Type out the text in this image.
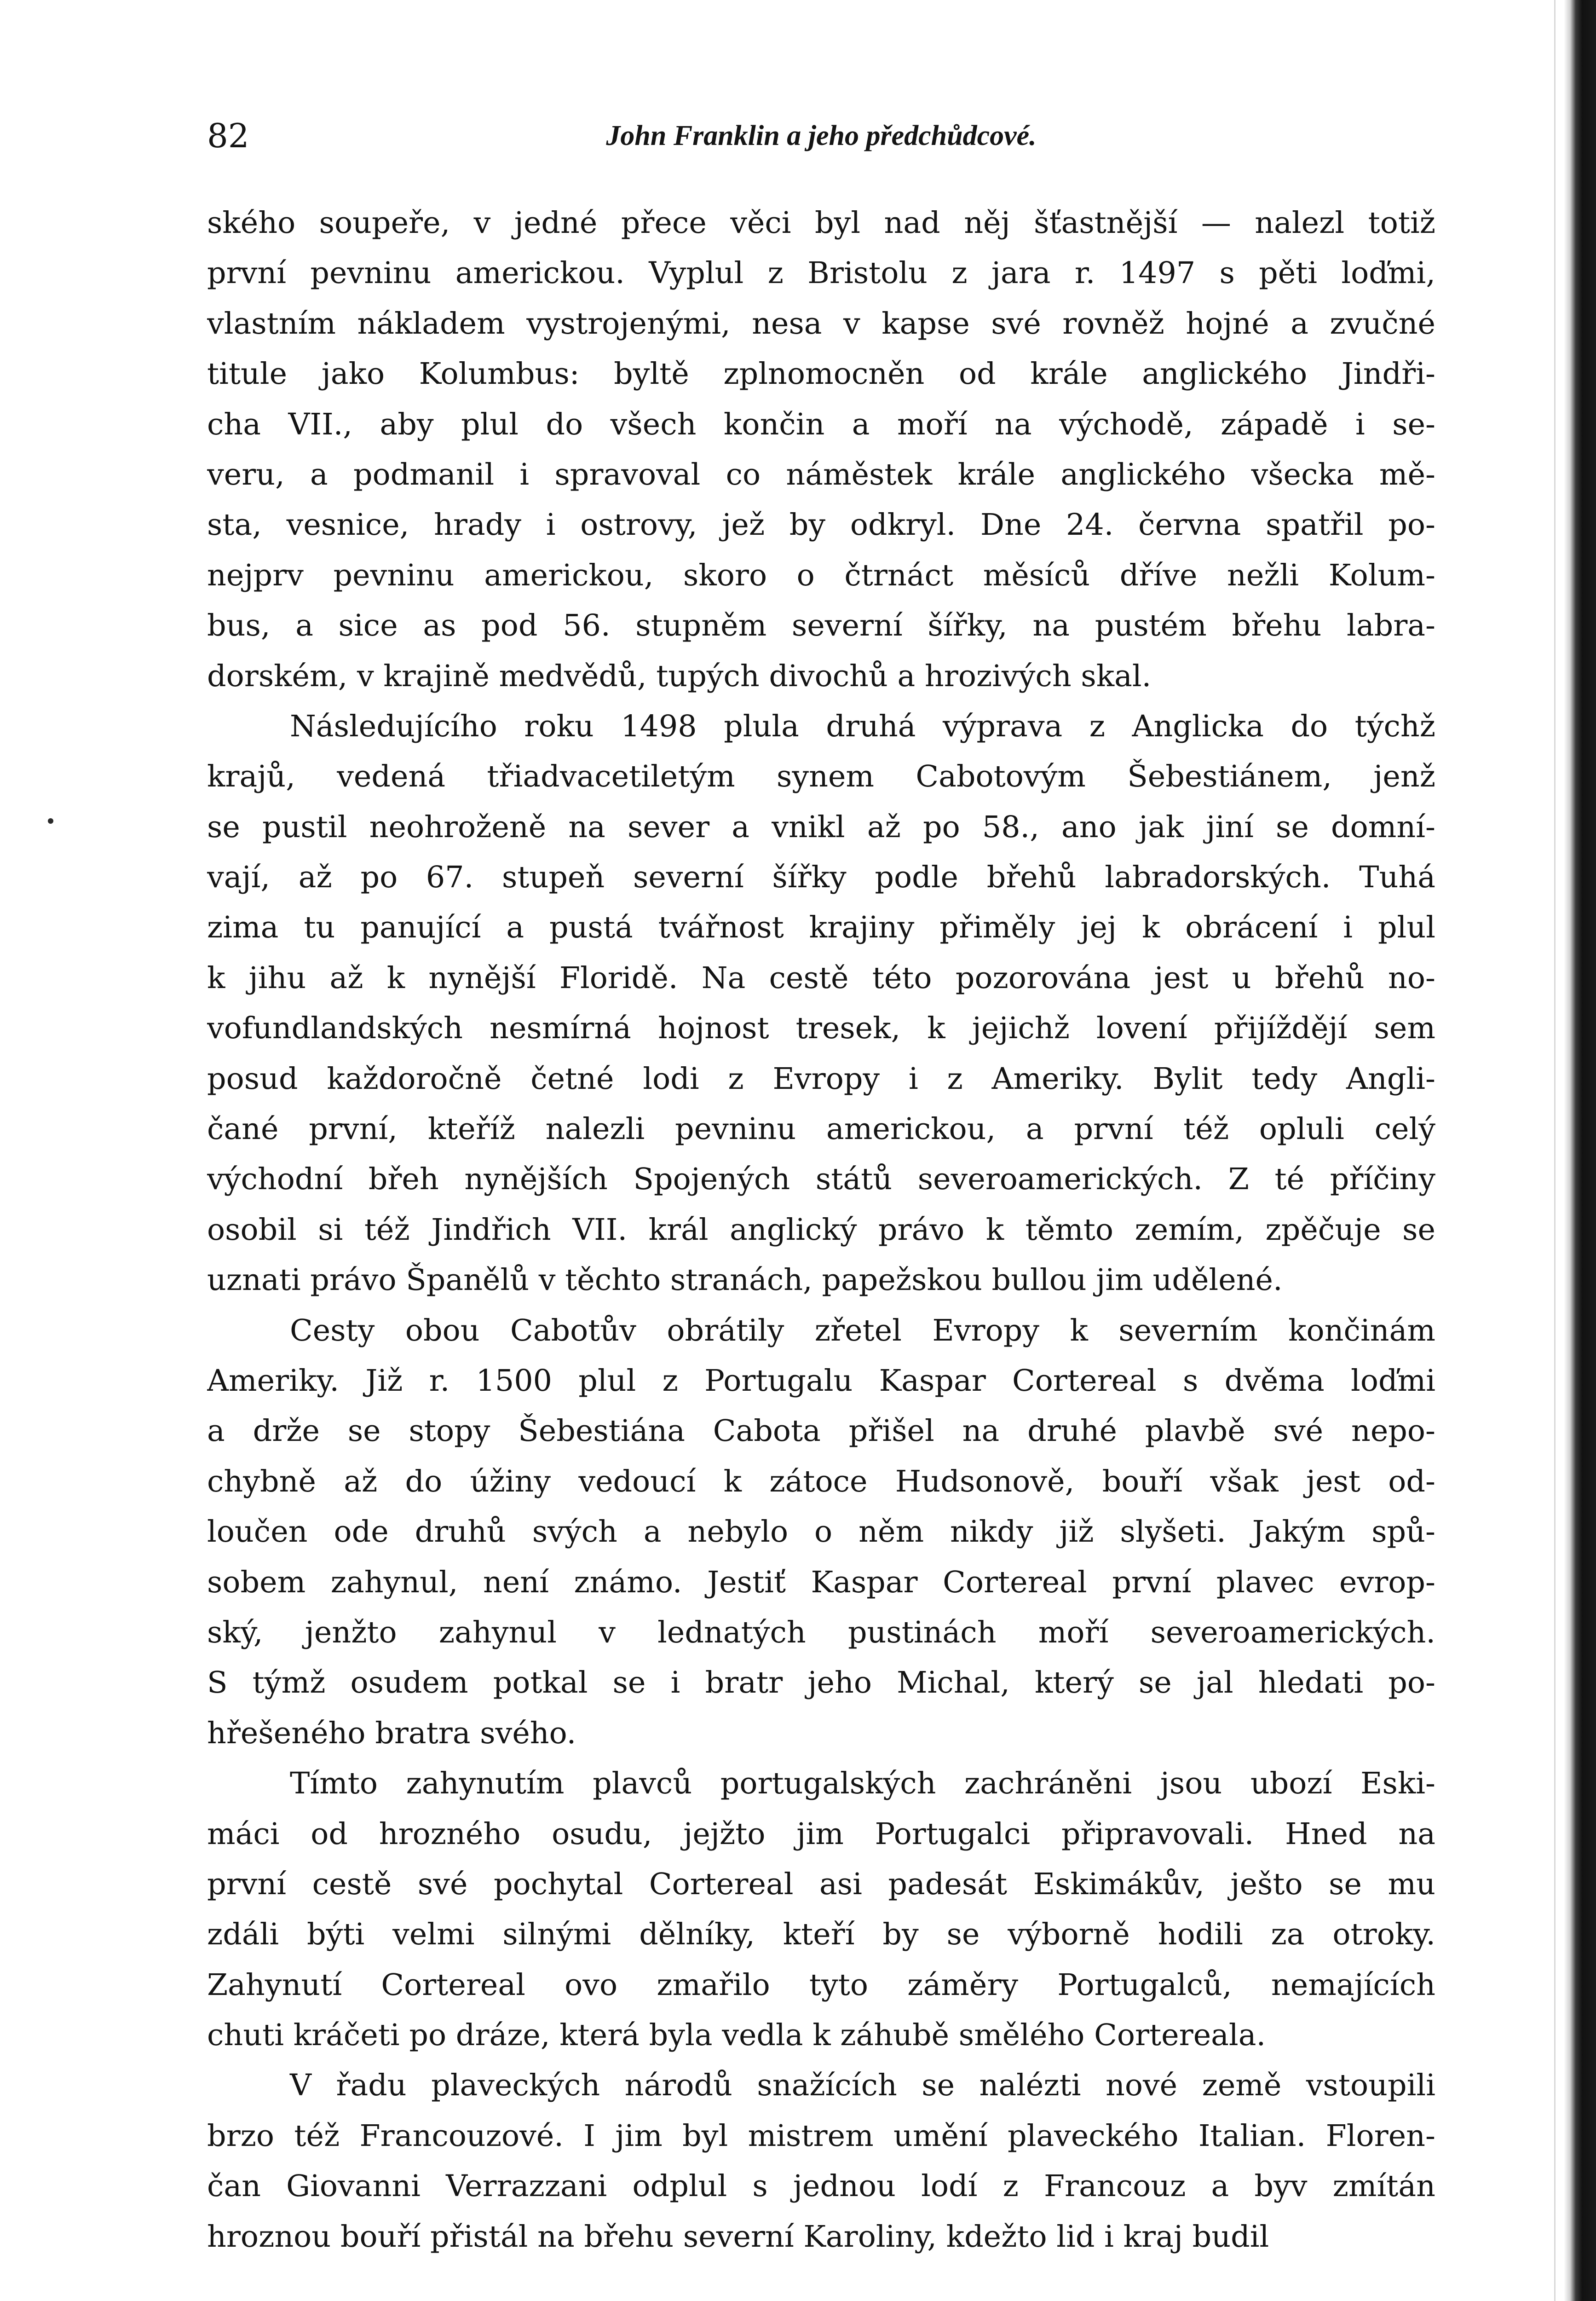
82	John Franklin a jeho předchůdcové.
ského soupeře, v jedné přece věci byl nad něj šťastnější — nalezl totiž
první pevninu americkou. Vyplul z Bristolu z jara r. 1497 s pěti loďmi,
vlastním nákladem vystrojenými, nesa v kapse své rovněž hojné a zvučné
titule jako Kolumbus: byltě zplnomocněn od krále anglického Jindři-
cha VII., aby plul do všech končin a moří na východě, západě i se-
veru, a podmanil i spravoval co náměstek krále anglického všecka mě-
sta, vesnice, hrady i ostrovy, jež by odkryl. Dne 24. června spatřil po-
nejprv pevninu americkou, skoro o čtrnáct měsíců dříve nežli Kolum-
bus, a sice as pod 56. stupněm severní šířky, na pustém břehu labra-
dorském, v krajině medvědů, tupých divochů a hrozivých skal.
Následujícího roku 1498 plula druhá výprava z Anglicka do týchž
krajů, vedená třiadvacetiletým synem Cabotovým Šebestiánem, jenž
se pustil neohroženě na sever a vnikl až po 58., ano jak jiní se domní-
vají, až po 67. stupeň severní šířky podle břehů labradorských. Tuhá
zima tu panující a pustá tvářnost krajiny přiměly jej k obrácení i plul
k jihu až k nynější Floridě. Na cestě této pozorována jest u břehů no-
vofundlandských nesmírná hojnost tresek, k jejichž lovení přijíždějí sem
posud každoročně četné lodi z Evropy i z Ameriky. Bylit tedy Angli-
čané první, kteříž nalezli pevninu americkou, a první též opluli celý
východní břeh nynějších Spojených států severoamerických. Z té příčiny
osobil si též Jindřich VII. král anglický právo k těmto zemím, zpěčuje se
uznati právo Španělů v těchto stranách, papežskou bullou jim udělené.
Cesty obou Cabotův obrátily zřetel Evropy k severním končinám
Ameriky. Již r. 1500 plul z Portugalu Kaspar Cortereal s dvěma loďmi
a drže se stopy Šebestiána Cabota přišel na druhé plavbě své nepo-
chybně až do úžiny vedoucí k zátoce Hudsonově, bouří však jest od-
loučen ode druhů svých a nebylo o něm nikdy již slyšeti. Jakým spů-
sobem zahynul, není známo. Jestiť Kaspar Cortereal první plavec evrop-
ský, jenžto zahynul v lednatých pustinách moří severoamerických.
S týmž osudem potkal se i bratr jeho Michal, který se jal hledati po-
hřešeného bratra svého.
Tímto zahynutím plavců portugalských zachráněni jsou ubozí Eski-
máci od hrozného osudu, jejžto jim Portugalci připravovali. Hned na
první cestě své pochytal Cortereal asi padesát Eskimákův, ješto se mu
zdáli býti velmi silnými dělníky, kteří by se výborně hodili za otroky.
Zahynutí Cortereal ovo zmařilo tyto záměry Portugalců, nemajících
chuti kráčeti po dráze, která byla vedla k záhubě smělého Cortereala.
V řadu plaveckých národů snažících se nalézti nové země vstoupili
brzo též Francouzové. I jim byl mistrem umění plaveckého Italian. Floren-
čan Giovanni Verrazzani odplul s jednou lodí z Francouz a byv zmítán
hroznou bouří přistál na břehu severní Karoliny, kdežto lid i kraj budil
